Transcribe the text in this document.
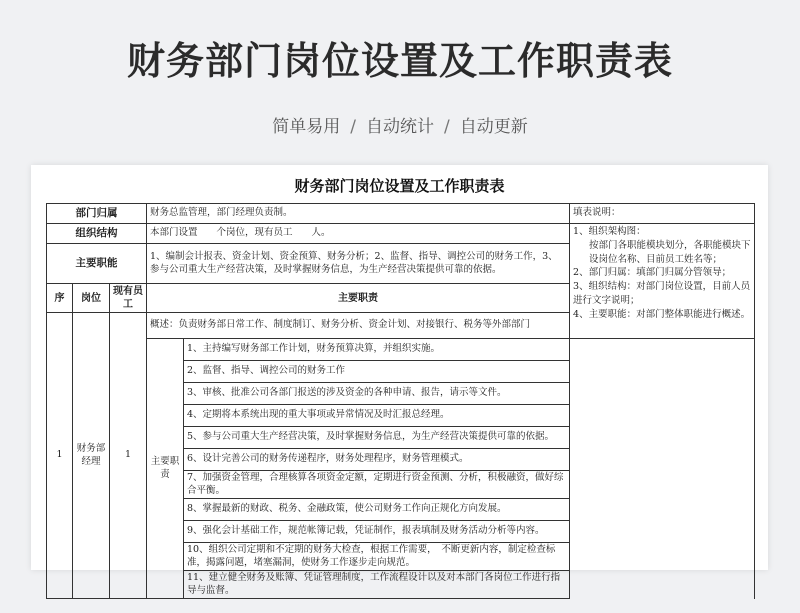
财务部门岗位设置及工作职责表
简单易用 / 自动统计 / 自动更新
财务部门岗位设置及工作职责表
部门归属			财务总监管理，部门经理负责制。		填表说明：	
组织结构			本部门设置　　个岗位，现有员工　　人。		1、组织架构图：
按部门各职能模块划分，各职能模块下设岗位名称、目前员工姓名等；
2、部门归属：填部门归属分管领导；
3、组织结构：对部门岗位设置，目前人员进行文字说明；
4、主要职能：对部门整体职能进行概述。	

主要职能			1、编制会计报表、资金计划、资金预算、财务分析；2、监督、指导、调控公司的财务工作，3、参与公司重大生产经营决策，及时掌握财务信息，为生产经营决策提供可靠的依据。			
序	岗位	现有员工	主要职责			
1	财务部经理	1	概述：负责财务部日常工作、制度制订、财务分析、资金计划、对接银行、税务等外部部门			
			主要职责	1、主持编写财务部工作计划，财务预算决算，并组织实施。		
				2、监督、指导、调控公司的财务工作		
				3、审核、批准公司各部门报送的涉及资金的各种申请、报告，请示等文件。		
				4、定期将本系统出现的重大事项或异常情况及时汇报总经理。		
				5、参与公司重大生产经营决策，及时掌握财务信息，为生产经营决策提供可靠的依据。		
				6、设计完善公司的财务传递程序，财务处理程序，财务管理模式。		
				7、加强资金管理，合理核算各项资金定额，定期进行资金预测、分析，积极融资，做好综合平衡。		
				8、掌握最新的财政、税务、金融政策，使公司财务工作向正规化方向发展。		
				9、强化会计基础工作，规范帐簿记载，凭证制作，报表填制及财务活动分析等内容。		
				10、组织公司定期和不定期的财务大检查，根据工作需要，　不断更新内容，制定检查标准，揭露问题，堵塞漏洞，使财务工作逐步走向规范。		
				11、建立健全财务及账簿、凭证管理制度，工作流程设计以及对本部门各岗位工作进行指导与监督。		
